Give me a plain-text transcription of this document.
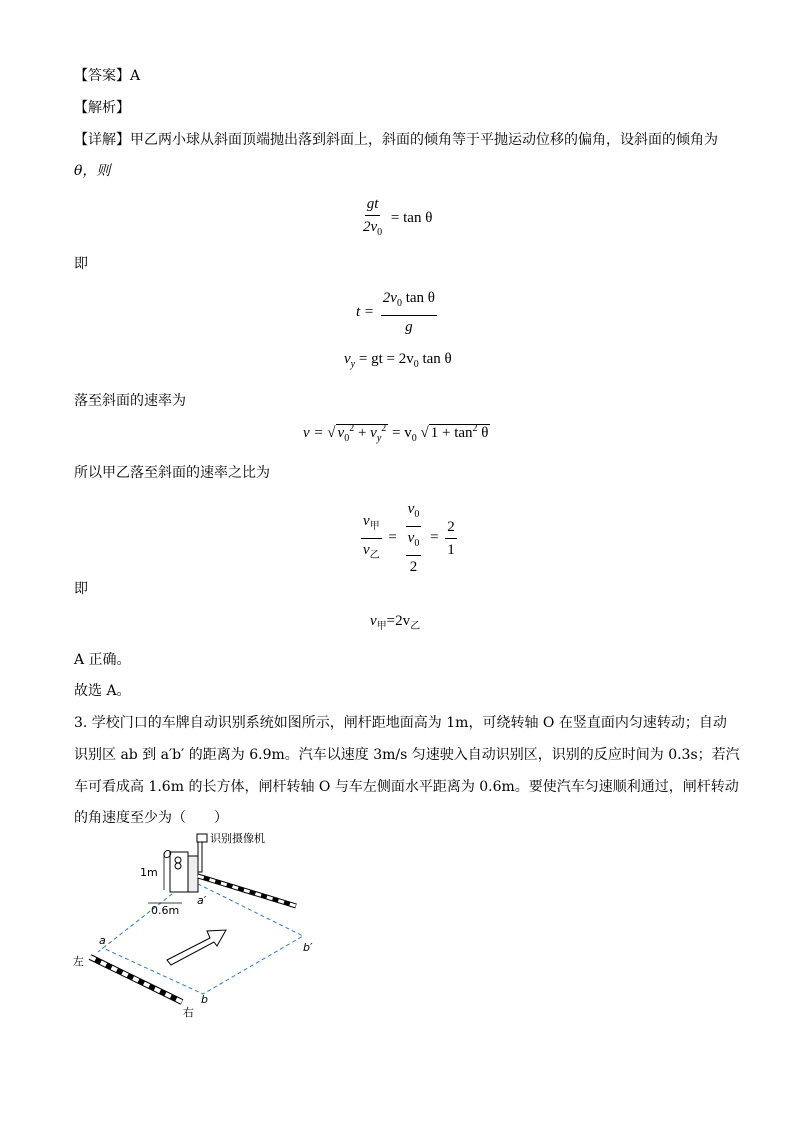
【答案】A
【解析】
【详解】甲乙两小球从斜面顶端抛出落到斜面上，斜面的倾角等于平抛运动位移的偏角，设斜面的倾角为
θ，则
$\frac{gt}{2v_0} = \tan \theta$
即
$t = \frac{2v_0 \tan \theta}{g}$
$v_y$ = gt = $2v_0$ tan θ
落至斜面的速率为
v = √ $v_0^2 + v_y^2 = v_0$ √ $1 + \tan^2 \theta$
所以甲乙落至斜面的速率之比为
$\frac{v_甲}{v_乙} = \frac{v_0}{\frac{v_0}{2}} = \frac{2}{1}$
即
$v_甲=2v_乙$
A 正确。
故选 A。
3. 学校门口的车牌自动识别系统如图所示，闸杆距地面高为 1m，可绕转轴 O 在竖直面内匀速转动；自动
识别区 ab 到 a′b′ 的距离为 6.9m。汽车以速度 3m/s 匀速驶入自动识别区，识别的反应时间为 0.3s；若汽
车可看成高 1.6m 的长方体，闸杆转轴 O 与车左侧面水平距离为 0.6m。要使汽车匀速顺利通过，闸杆转动
的角速度至少为（　　）
识别摄像机
O
1m
0.6m
a′
b′
a
b
左
右
